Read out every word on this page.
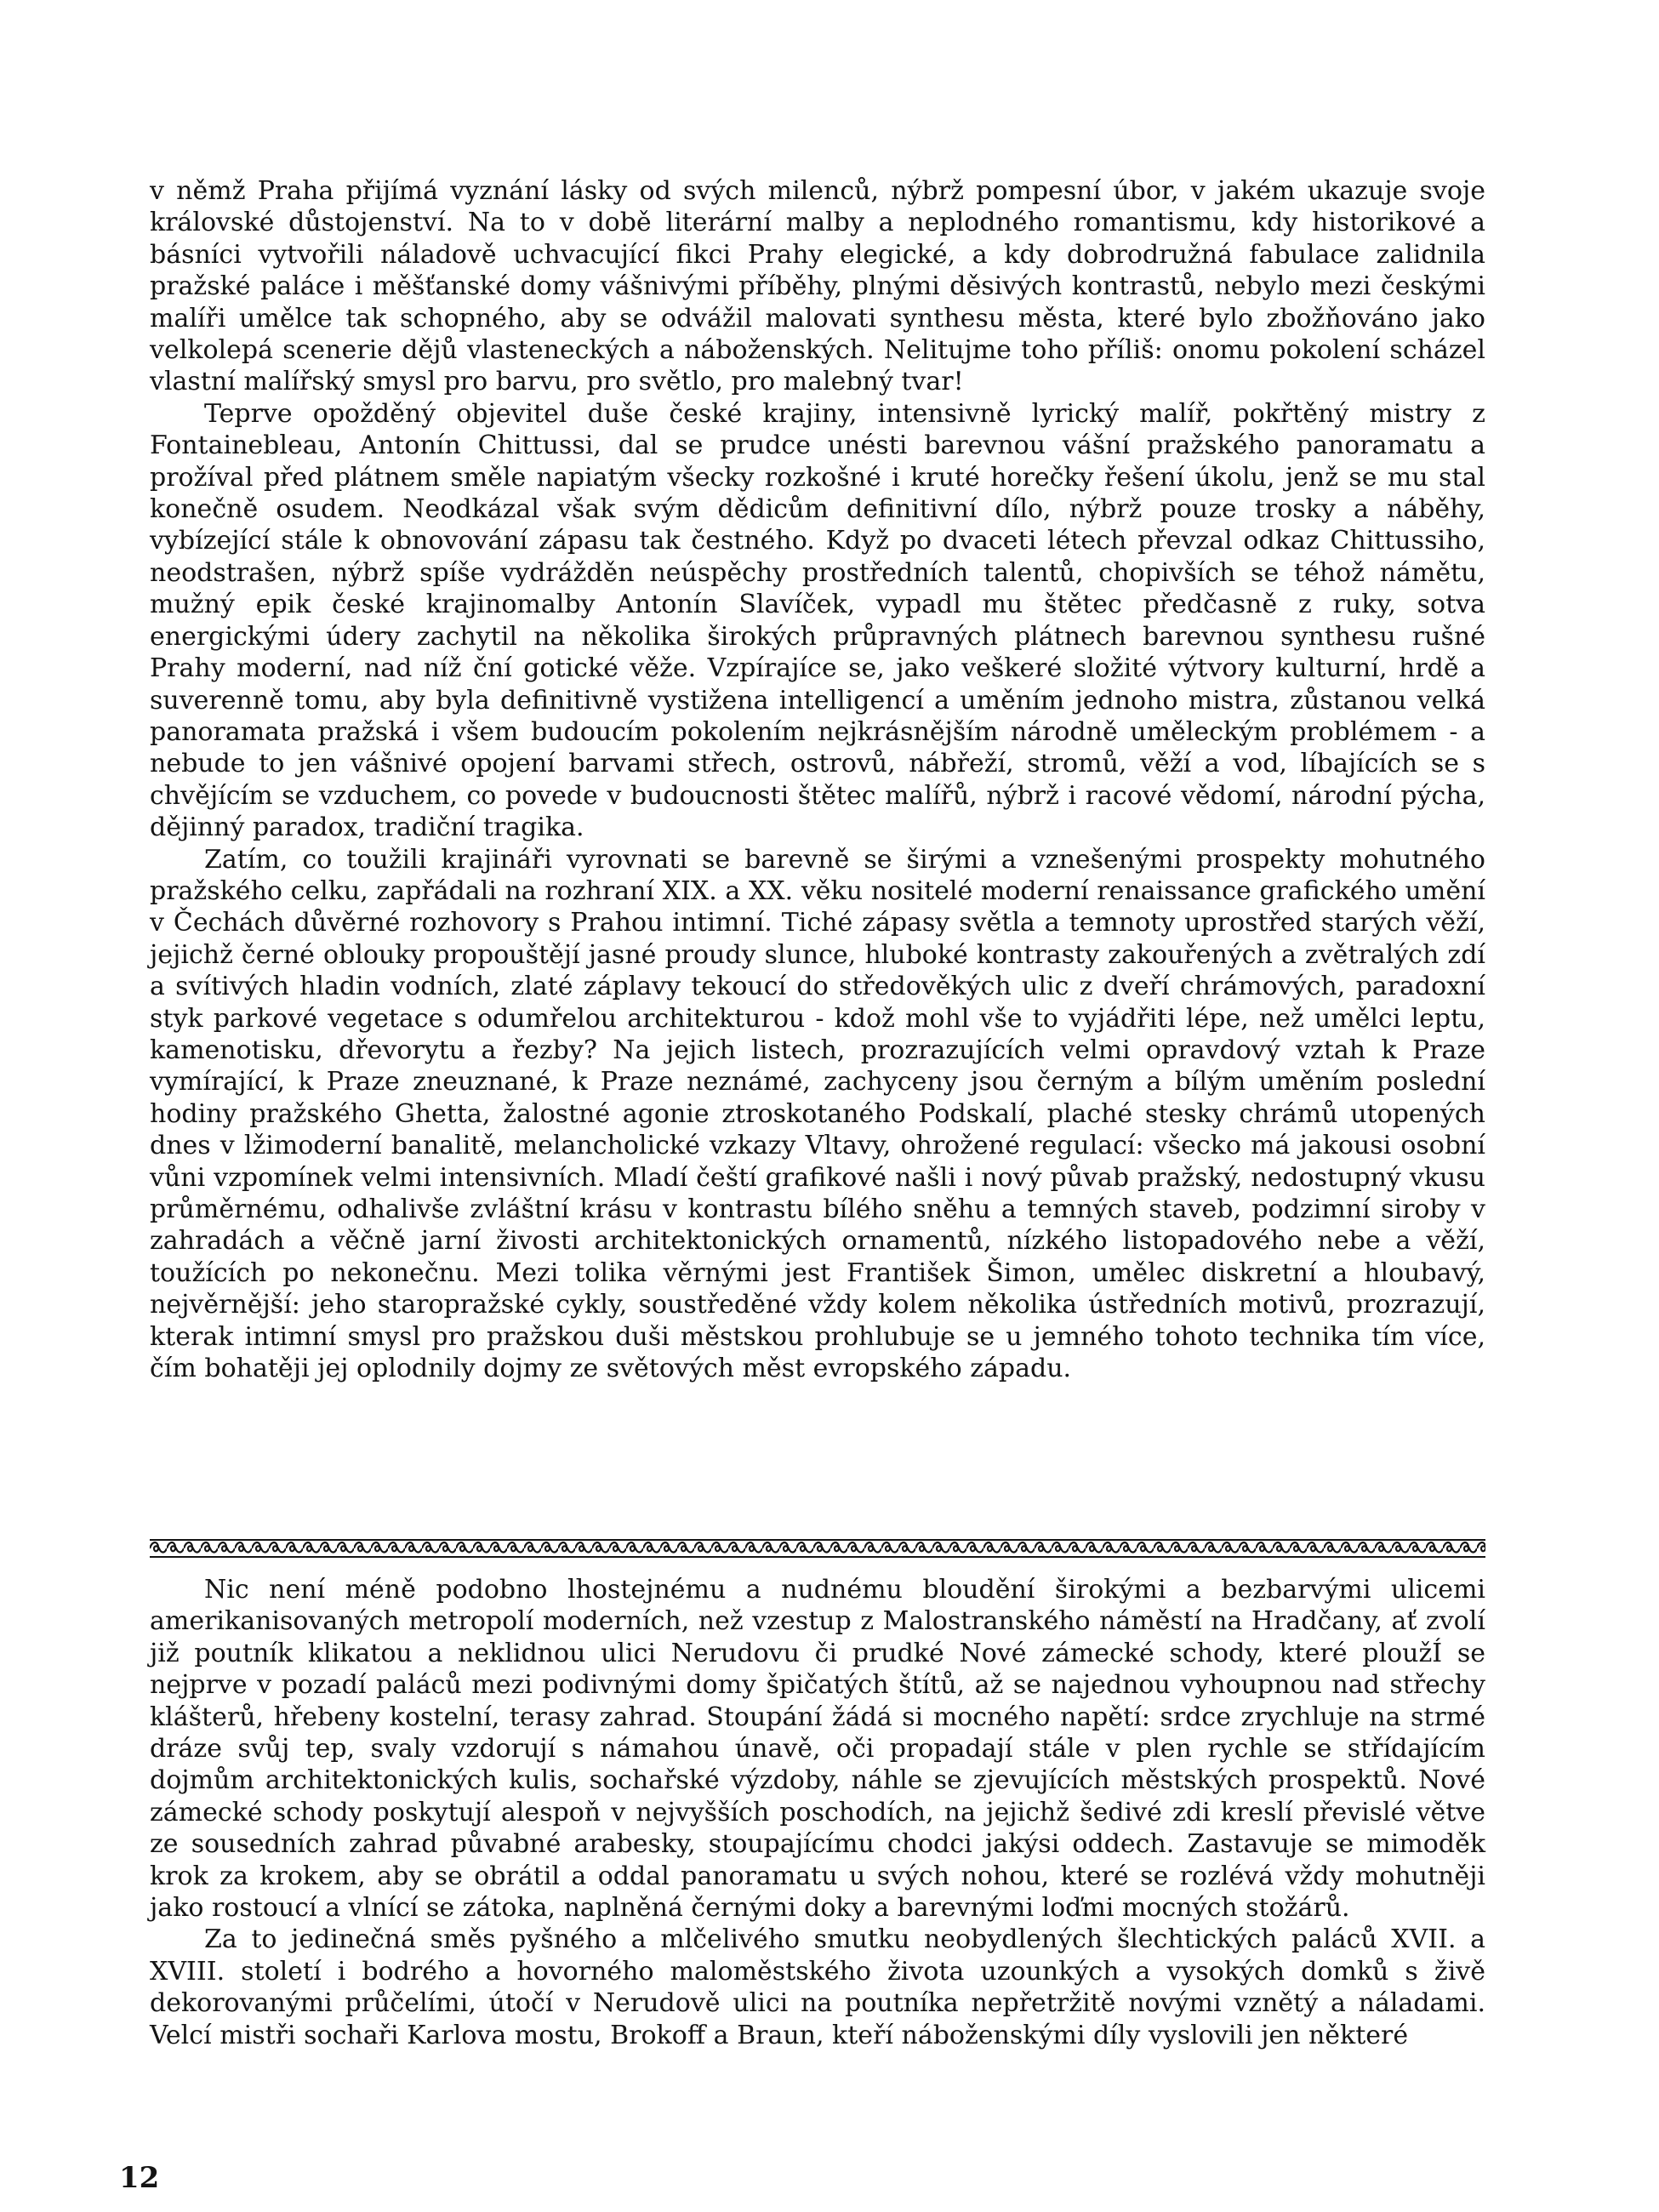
v němž Praha přijímá vyznání lásky od svých milenců, nýbrž pompesní úbor, v jakém ukazuje svoje královské důstojenství. Na to v době literární malby a neplodného romantismu, kdy historikové a básníci vytvořili náladově uchvacující fikci Prahy elegické, a kdy dobrodružná fabulace zalidnila pražské paláce i měšťanské domy vášnivými příběhy, plnými děsivých kontrastů, nebylo mezi českými malíři umělce tak schopného, aby se odvážil malovati synthesu města, které bylo zbožňováno jako velkolepá scenerie dějů vlasteneckých a náboženských. Nelitujme toho příliš: onomu pokolení scházel vlastní malířský smysl pro barvu, pro světlo, pro malebný tvar!

Teprve opožděný objevitel duše české krajiny, intensivně lyrický malíř, pokřtěný mistry z Fontainebleau, Antonín Chittussi, dal se prudce unésti barevnou vášní pražského panoramatu a prožíval před plátnem směle napiatým všecky rozkošné i kruté horečky řešení úkolu, jenž se mu stal konečně osudem. Neodkázal však svým dědicům definitivní dílo, nýbrž pouze trosky a náběhy, vybízející stále k obnovování zápasu tak čestného. Když po dvaceti létech převzal odkaz Chittussiho, neodstrašen, nýbrž spíše vydrážděn neúspěchy prostředních talentů, chopivších se téhož námětu, mužný epik české krajinomalby Antonín Slavíček, vypadl mu štětec předčasně z ruky, sotva energickými údery zachytil na několika širokých průpravných plátnech barevnou synthesu rušné Prahy moderní, nad níž ční gotické věže. Vzpírajíce se, jako veškeré složité výtvory kulturní, hrdě a suverenně tomu, aby byla definitivně vystižena intelligencí a uměním jednoho mistra, zůstanou velká panoramata pražská i všem budoucím pokolením nejkrásnějším národně uměleckým problémem - a nebude to jen vášnivé opojení barvami střech, ostrovů, nábřeží, stromů, věží a vod, líbajících se s chvějícím se vzduchem, co povede v budoucnosti štětec malířů, nýbrž i racové vědomí, národní pýcha, dějinný paradox, tradiční tragika.

Zatím, co toužili krajináři vyrovnati se barevně se širými a vznešenými prospekty mohutného pražského celku, zapřádali na rozhraní XIX. a XX. věku nositelé moderní renaissance grafického umění v Čechách důvěrné rozhovory s Prahou intimní. Tiché zápasy světla a temnoty uprostřed starých věží, jejichž černé oblouky propouštějí jasné proudy slunce, hluboké kontrasty zakouřených a zvětralých zdí a svítivých hladin vodních, zlaté záplavy tekoucí do středověkých ulic z dveří chrámových, paradoxní styk parkové vegetace s odumřelou architekturou - kdož mohl vše to vyjádřiti lépe, než umělci leptu, kamenotisku, dřevorytu a řezby? Na jejich listech, prozrazujících velmi opravdový vztah k Praze vymírající, k Praze zneuznané, k Praze neznámé, zachyceny jsou černým a bílým uměním poslední hodiny pražského Ghetta, žalostné agonie ztroskotaného Podskalí, plaché stesky chrámů utopených dnes v lžimoderní banalitě, melancholické vzkazy Vltavy, ohrožené regulací: všecko má jakousi osobní vůni vzpomínek velmi intensivních. Mladí čeští grafikové našli i nový půvab pražský, nedostupný vkusu průměrnému, odhalivše zvláštní krásu v kontrastu bílého sněhu a temných staveb, podzimní siroby v zahradách a věčně jarní živosti architektonických ornamentů, nízkého listopadového nebe a věží, toužících po nekonečnu. Mezi tolika věrnými jest František Šimon, umělec diskretní a hloubavý, nejvěrnější: jeho staropražské cykly, soustředěné vždy kolem několika ústředních motivů, prozrazují, kterak intimní smysl pro pražskou duši městskou prohlubuje se u jemného tohoto technika tím více, čím bohatěji jej oplodnily dojmy ze světových měst evropského západu.

Nic není méně podobno lhostejnému a nudnému bloudění širokými a bezbarvými ulicemi amerikanisovaných metropolí moderních, než vzestup z Malostranského náměstí na Hradčany, ať zvolí již poutník klikatou a neklidnou ulici Nerudovu či prudké Nové zámecké schody, které ploužÍ se nejprve v pozadí paláců mezi podivnými domy špičatých štítů, až se najednou vyhoupnou nad střechy klášterů, hřebeny kostelní, terasy zahrad. Stoupání žádá si mocného napětí: srdce zrychluje na strmé dráze svůj tep, svaly vzdorují s námahou únavě, oči propadají stále v plen rychle se střídajícím dojmům architektonických kulis, sochařské výzdoby, náhle se zjevujících městských prospektů. Nové zámecké schody poskytují alespoň v nejvyšších poschodích, na jejichž šedivé zdi kreslí převislé větve ze sousedních zahrad půvabné arabesky, stoupajícímu chodci jakýsi oddech. Zastavuje se mimoděk krok za krokem, aby se obrátil a oddal panoramatu u svých nohou, které se rozlévá vždy mohutněji jako rostoucí a vlnící se zátoka, naplněná černými doky a barevnými loďmi mocných stožárů.

Za to jedinečná směs pyšného a mlčelivého smutku neobydlených šlechtických paláců XVII. a XVIII. století i bodrého a hovorného maloměstského života uzounkých a vysokých domků s živě dekorovanými průčelími, útočí v Nerudově ulici na poutníka nepřetržitě novými vznětý a náladami. Velcí mistři sochaři Karlova mostu, Brokoff a Braun, kteří náboženskými díly vyslovili jen některé

12
